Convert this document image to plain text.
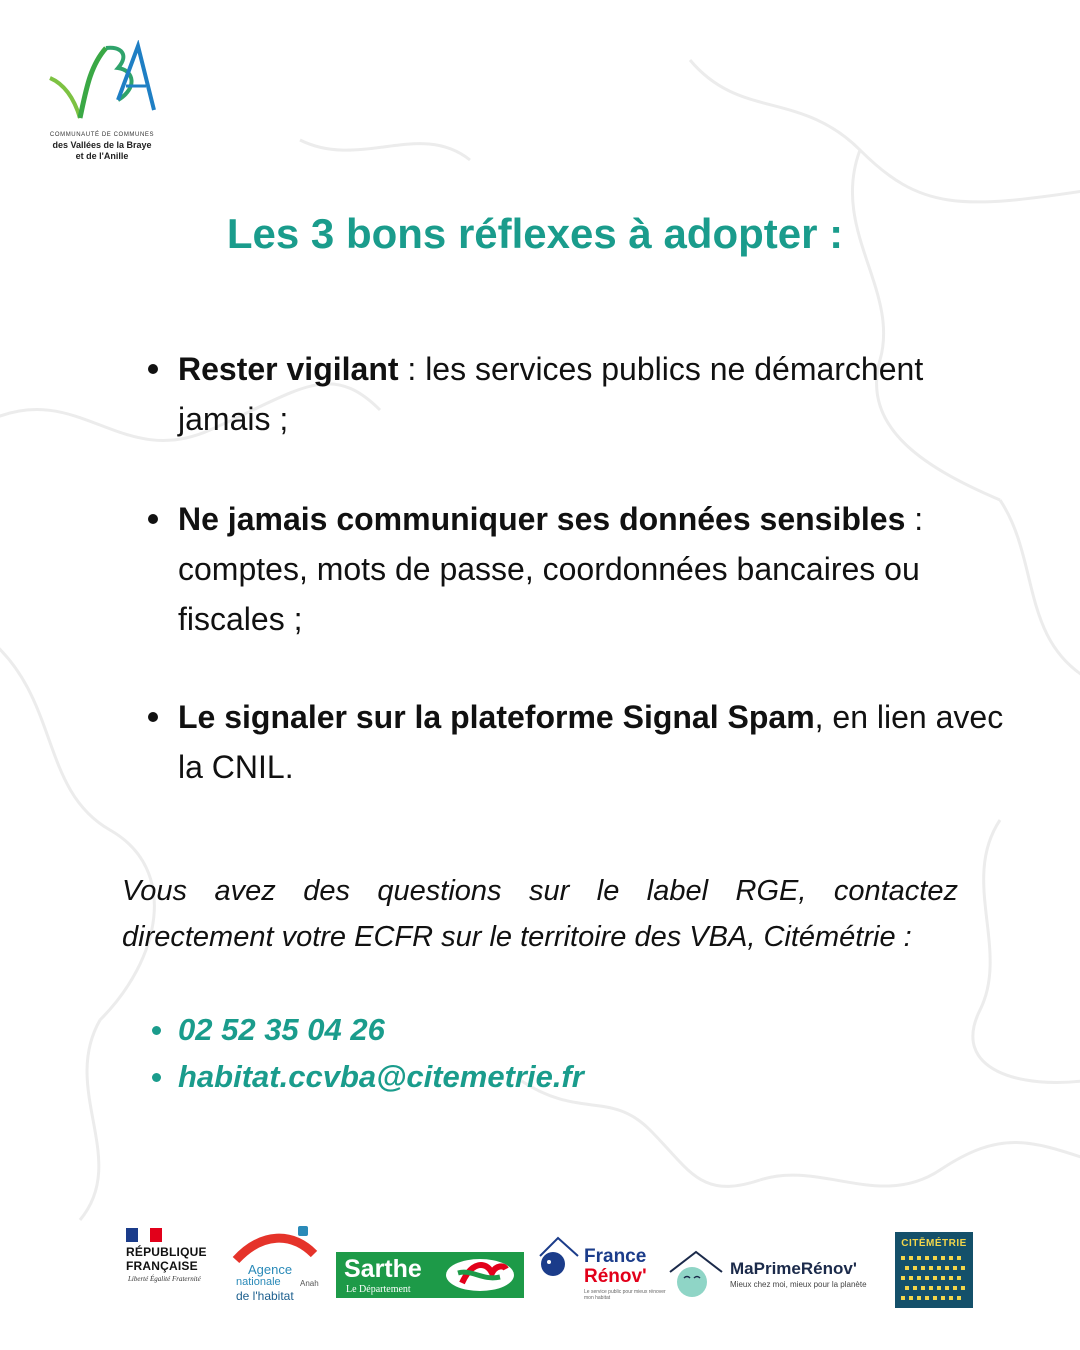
COMMUNAUTÉ DE COMMUNES
des Vallées de la Braye
et de l'Anille
Les 3 bons réflexes à adopter :
Rester vigilant : les services publics ne démarchent jamais ;
Ne jamais communiquer ses données sensibles : comptes, mots de passe, coordonnées bancaires ou fiscales ;
Le signaler sur la plateforme Signal Spam, en lien avec la CNIL.

Vous avez des questions sur le label RGE, contactez directement votre ECFR sur le territoire des VBA, Citémétrie :

02 52 35 04 26
habitat.ccvba@citemetrie.fr
RÉPUBLIQUE
FRANÇAISE
Liberté Égalité Fraternité
Agence
nationale
de l'habitat
Anah
Sarthe
Le Département
France
Rénov'
Le service public pour mieux rénover mon habitat
MaPrimeRénov'
Mieux chez moi, mieux pour la planète
CITĒMÉTRIE
